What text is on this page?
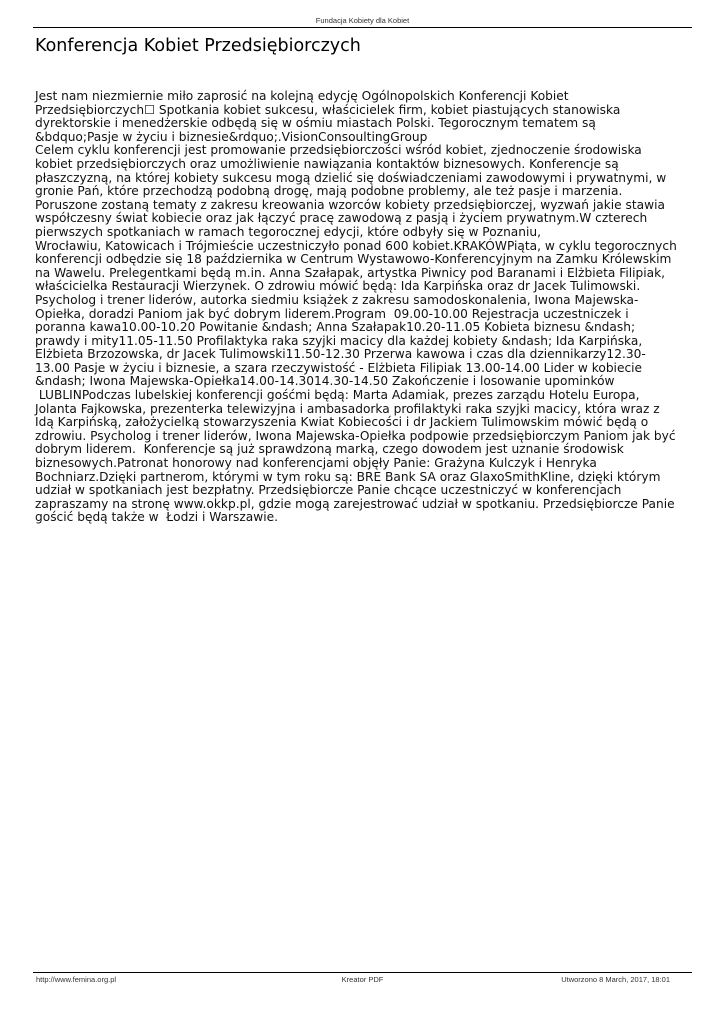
Fundacja Kobiety dla Kobiet
Konferencja Kobiet Przedsiębiorczych
Jest nam niezmiernie miło zaprosić na kolejną edycję Ogólnopolskich Konferencji Kobiet
Przedsiębiorczych☐ Spotkania kobiet sukcesu, właścicielek firm, kobiet piastujących stanowiska
dyrektorskie i menedżerskie odbędą się w ośmiu miastach Polski. Tegorocznym tematem są
&bdquo;Pasje w życiu i biznesie&rdquo;.VisionConsoultingGroup
Celem cyklu konferencji jest promowanie przedsiębiorczości wśród kobiet, zjednoczenie środowiska
kobiet przedsiębiorczych oraz umożliwienie nawiązania kontaktów biznesowych. Konferencje są
płaszczyzną, na której kobiety sukcesu mogą dzielić się doświadczeniami zawodowymi i prywatnymi, w
gronie Pań, które przechodzą podobną drogę, mają podobne problemy, ale też pasje i marzenia.
Poruszone zostaną tematy z zakresu kreowania wzorców kobiety przedsiębiorczej, wyzwań jakie stawia
współczesny świat kobiecie oraz jak łączyć pracę zawodową z pasją i życiem prywatnym.W czterech
pierwszych spotkaniach w ramach tegorocznej edycji, które odbyły się w Poznaniu,
Wrocławiu, Katowicach i Trójmieście uczestniczyło ponad 600 kobiet.KRAKÓWPiąta, w cyklu tegorocznych
konferencji odbędzie się 18 października w Centrum Wystawowo-Konferencyjnym na Zamku Królewskim
na Wawelu. Prelegentkami będą m.in. Anna Szałapak, artystka Piwnicy pod Baranami i Elżbieta Filipiak,
właścicielka Restauracji Wierzynek. O zdrowiu mówić będą: Ida Karpińska oraz dr Jacek Tulimowski.
Psycholog i trener liderów, autorka siedmiu książek z zakresu samodoskonalenia, Iwona Majewska-
Opiełka, doradzi Paniom jak być dobrym liderem.Program  09.00-10.00 Rejestracja uczestniczek i
poranna kawa10.00-10.20 Powitanie &ndash; Anna Szałapak10.20-11.05 Kobieta biznesu &ndash;
prawdy i mity11.05-11.50 Profilaktyka raka szyjki macicy dla każdej kobiety &ndash; Ida Karpińska,
Elżbieta Brzozowska, dr Jacek Tulimowski11.50-12.30 Przerwa kawowa i czas dla dziennikarzy12.30-
13.00 Pasje w życiu i biznesie, a szara rzeczywistość - Elżbieta Filipiak 13.00-14.00 Lider w kobiecie
&ndash; Iwona Majewska-Opiełka14.00-14.3014.30-14.50 Zakończenie i losowanie upominków
LUBLINPodczas lubelskiej konferencji gośćmi będą: Marta Adamiak, prezes zarządu Hotelu Europa,
Jolanta Fajkowska, prezenterka telewizyjna i ambasadorka profilaktyki raka szyjki macicy, która wraz z
Idą Karpińską, założycielką stowarzyszenia Kwiat Kobiecości i dr Jackiem Tulimowskim mówić będą o
zdrowiu. Psycholog i trener liderów, Iwona Majewska-Opiełka podpowie przedsiębiorczym Paniom jak być
dobrym liderem.  Konferencje są już sprawdzoną marką, czego dowodem jest uznanie środowisk
biznesowych.Patronat honorowy nad konferencjami objęły Panie: Grażyna Kulczyk i Henryka
Bochniarz.Dzięki partnerom, którymi w tym roku są: BRE Bank SA oraz GlaxoSmithKline, dzięki którym
udział w spotkaniach jest bezpłatny. Przedsiębiorcze Panie chcące uczestniczyć w konferencjach
zapraszamy na stronę www.okkp.pl, gdzie mogą zarejestrować udział w spotkaniu. Przedsiębiorcze Panie
gościć będą także w  Łodzi i Warszawie.
http://www.femina.org.pl	Kreator PDF	Utworzono 8 March, 2017, 18:01
